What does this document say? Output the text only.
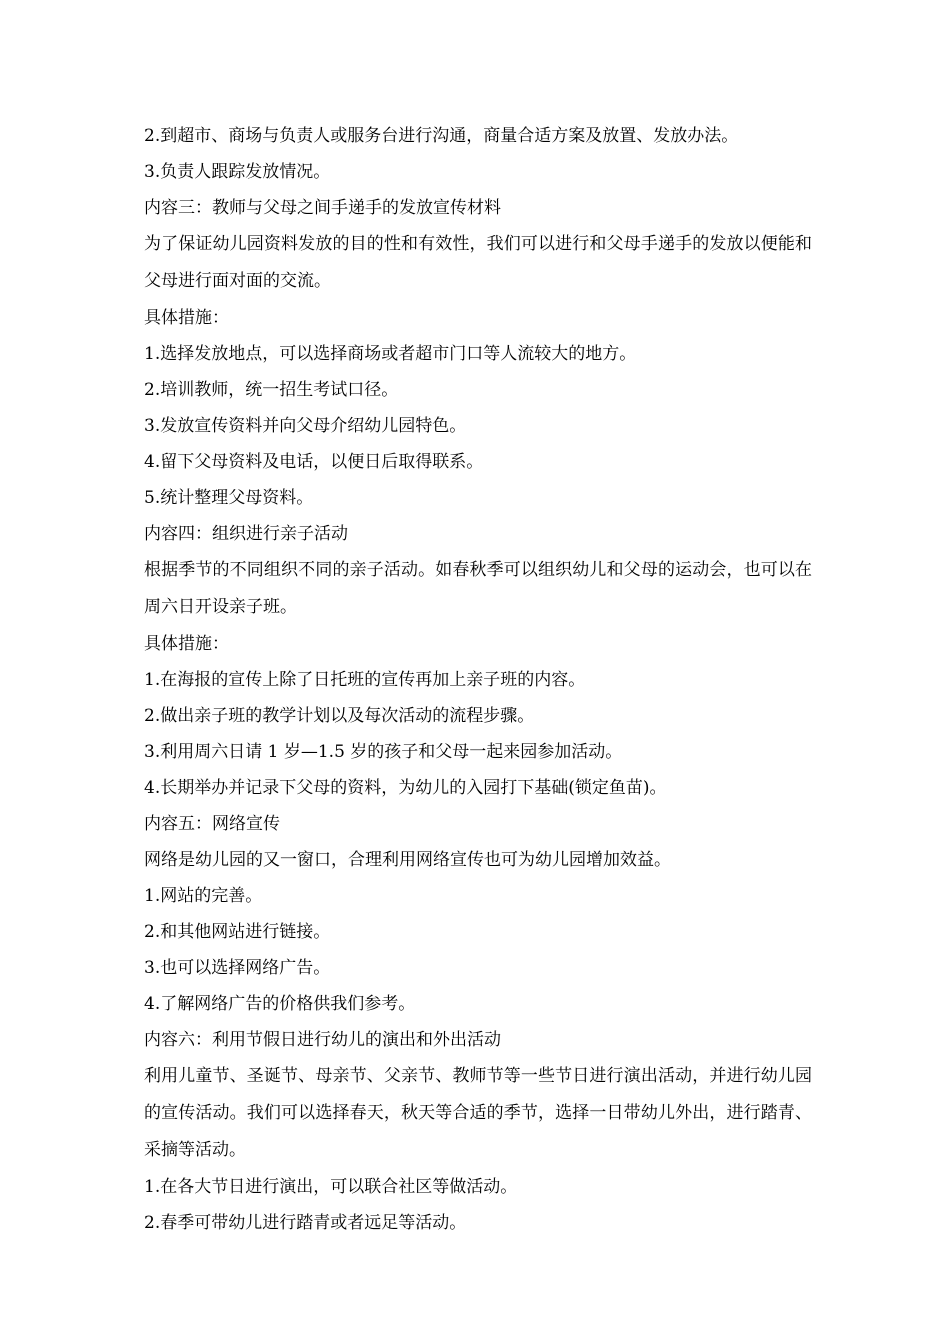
2.到超市、商场与负责人或服务台进行沟通，商量合适方案及放置、发放办法。

3.负责人跟踪发放情况。

内容三：教师与父母之间手递手的发放宣传材料

为了保证幼儿园资料发放的目的性和有效性，我们可以进行和父母手递手的发放以便能和父母进行面对面的交流。

具体措施：

1.选择发放地点，可以选择商场或者超市门口等人流较大的地方。

2.培训教师，统一招生考试口径。

3.发放宣传资料并向父母介绍幼儿园特色。

4.留下父母资料及电话，以便日后取得联系。

5.统计整理父母资料。

内容四：组织进行亲子活动

根据季节的不同组织不同的亲子活动。如春秋季可以组织幼儿和父母的运动会，也可以在周六日开设亲子班。

具体措施：

1.在海报的宣传上除了日托班的宣传再加上亲子班的内容。

2.做出亲子班的教学计划以及每次活动的流程步骤。

3.利用周六日请 1 岁—1.5 岁的孩子和父母一起来园参加活动。

4.长期举办并记录下父母的资料，为幼儿的入园打下基础(锁定鱼苗)。

内容五：网络宣传

网络是幼儿园的又一窗口，合理利用网络宣传也可为幼儿园增加效益。

1.网站的完善。

2.和其他网站进行链接。

3.也可以选择网络广告。

4.了解网络广告的价格供我们参考。

内容六：利用节假日进行幼儿的演出和外出活动

利用儿童节、圣诞节、母亲节、父亲节、教师节等一些节日进行演出活动，并进行幼儿园的宣传活动。我们可以选择春天，秋天等合适的季节，选择一日带幼儿外出，进行踏青、采摘等活动。

1.在各大节日进行演出，可以联合社区等做活动。

2.春季可带幼儿进行踏青或者远足等活动。
